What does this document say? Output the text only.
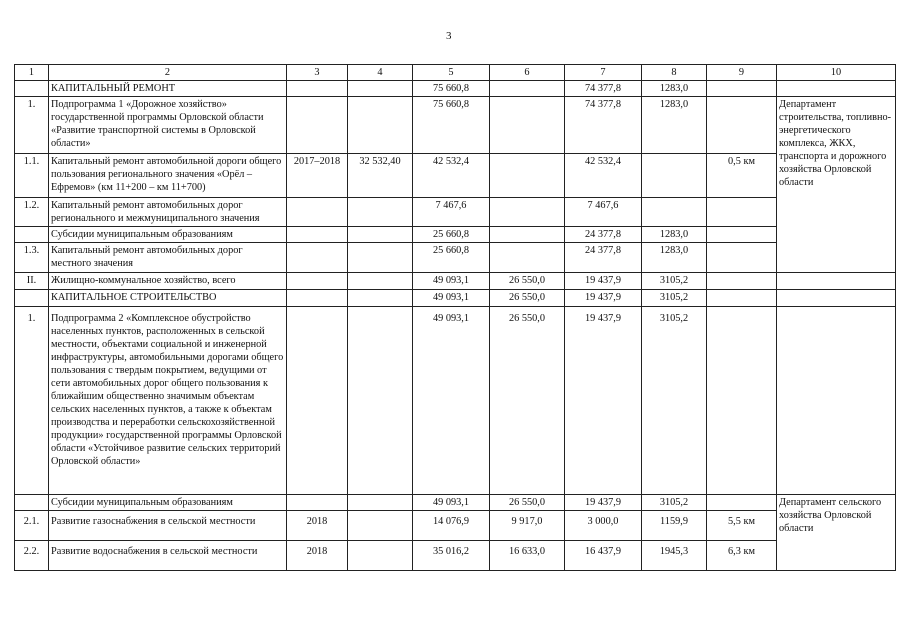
3
1	2	3	4	5	6	7	8	9	10
	КАПИТАЛЬНЫЙ РЕМОНТ			75 660,8		74 377,8	1283,0		
1.	Подпрограмма 1 «Дорожное хозяйство» государственной программы Орловской области «Развитие транспортной системы в Орловской области»			75 660,8		74 377,8	1283,0		Департамент строительства, топливно-энергетического комплекса, ЖКХ, транспорта и дорожного хозяйства Орловской области
1.1.	Капитальный ремонт автомобильной дороги общего пользования регионального значения «Орёл – Ефремов» (км 11+200 – км 11+700)	2017–2018	32 532,40	42 532,4		42 532,4		0,5 км	
1.2.	Капитальный ремонт автомобильных дорог регионального и межмуниципального значения			7 467,6		7 467,6			
	Субсидии муниципальным образованиям			25 660,8		24 377,8	1283,0		
1.3.	Капитальный ремонт автомобильных дорог местного значения			25 660,8		24 377,8	1283,0		
II.	Жилищно-коммунальное хозяйство, всего			49 093,1	26 550,0	19 437,9	3105,2		
	КАПИТАЛЬНОЕ СТРОИТЕЛЬСТВО			49 093,1	26 550,0	19 437,9	3105,2		
1.	Подпрограмма 2 «Комплексное обустройство населенных пунктов, расположенных в сельской местности, объектами социальной и инженерной инфраструктуры, автомобильными дорогами общего пользования с твердым покрытием, ведущими от сети автомобильных дорог общего пользования к ближайшим общественно значимым объектам сельских населенных пунктов, а также к объектам производства и переработки сельскохозяйственной продукции» государственной программы Орловской области «Устойчивое развитие сельских территорий Орловской области»			49 093,1	26 550,0	19 437,9	3105,2		
	Субсидии муниципальным образованиям			49 093,1	26 550,0	19 437,9	3105,2		Департамент сельского хозяйства Орловской области
2.1.	Развитие газоснабжения в сельской местности	2018		14 076,9	9 917,0	3 000,0	1159,9	5,5 км	
2.2.	Развитие водоснабжения в сельской местности	2018		35 016,2	16 633,0	16 437,9	1945,3	6,3 км	
